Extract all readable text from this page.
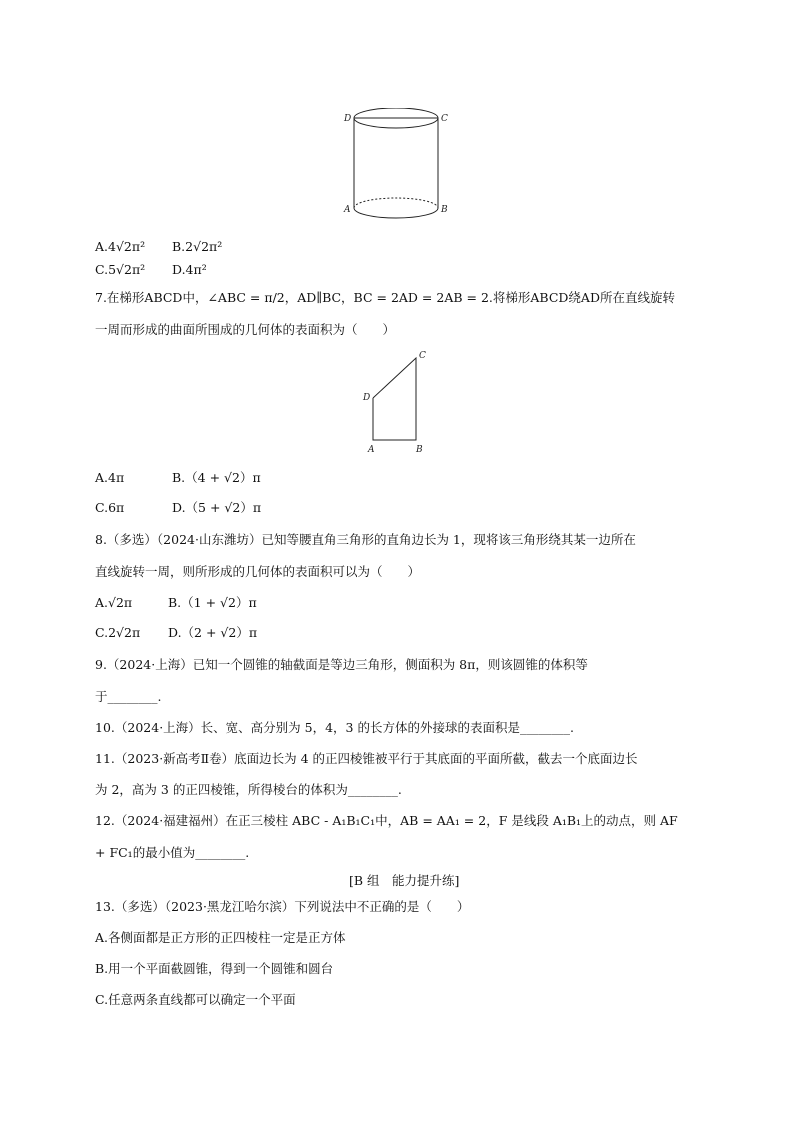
D	C
A	B
A.4√2π² B.2√2π²
C.5√2π² D.4π²
7.在梯形ABCD中，∠ABC = π/2，AD∥BC，BC = 2AD = 2AB = 2.将梯形ABCD绕AD所在直线旋转
一周而形成的曲面所围成的几何体的表面积为（　　）
C
D
A	B
A.4π	B.（4 + √2）π
C.6π	D.（5 + √2）π
8.（多选）（2024·山东潍坊）已知等腰直角三角形的直角边长为 1，现将该三角形绕其某一边所在
直线旋转一周，则所形成的几何体的表面积可以为（　　）
A.√2π	B.（1 + √2）π
C.2√2π D.（2 + √2）π
9.（2024·上海）已知一个圆锥的轴截面是等边三角形，侧面积为 8π，则该圆锥的体积等
于________.
10.（2024·上海）长、宽、高分别为 5，4，3 的长方体的外接球的表面积是________.
11.（2023·新高考Ⅱ卷）底面边长为 4 的正四棱锥被平行于其底面的平面所截，截去一个底面边长
为 2，高为 3 的正四棱锥，所得棱台的体积为________.
12.（2024·福建福州）在正三棱柱 ABC - A₁B₁C₁中，AB = AA₁ = 2，F 是线段 A₁B₁上的动点，则 AF
+ FC₁的最小值为________.
[B 组　能力提升练]
13.（多选）（2023·黑龙江哈尔滨）下列说法中不正确的是（　　）
A.各侧面都是正方形的正四棱柱一定是正方体
B.用一个平面截圆锥，得到一个圆锥和圆台
C.任意两条直线都可以确定一个平面
